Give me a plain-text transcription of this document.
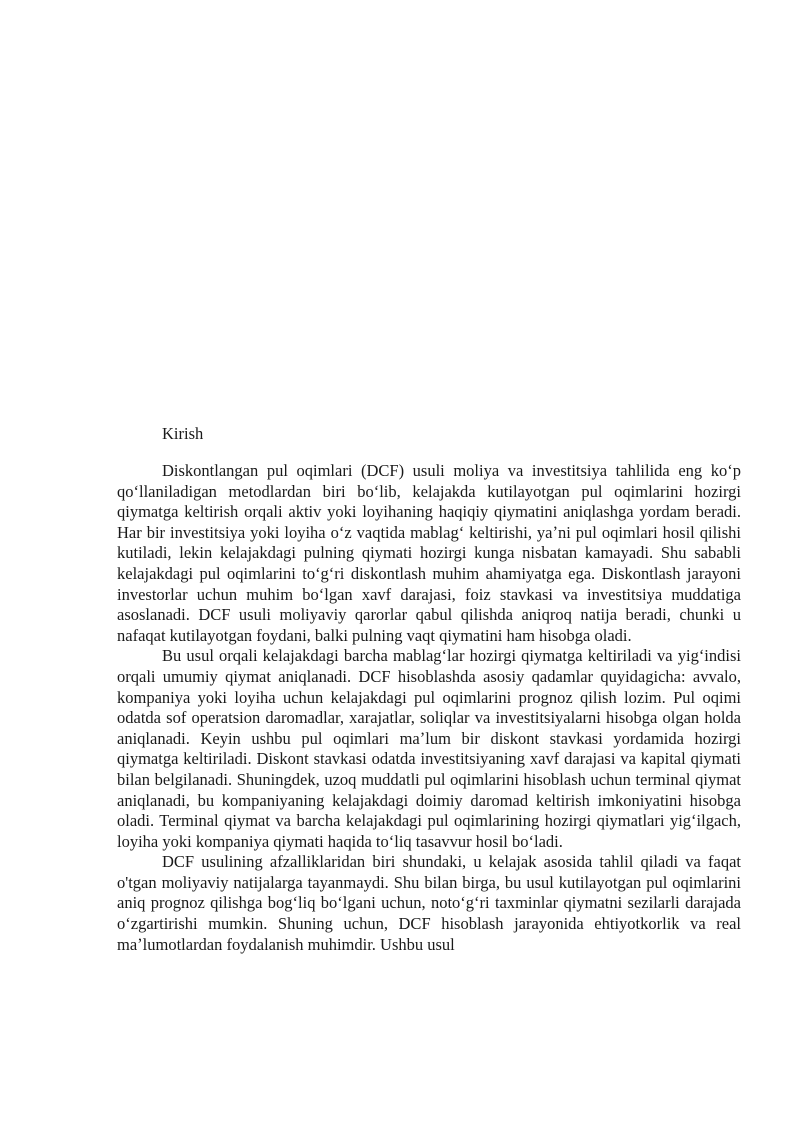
Kirish

Diskontlangan pul oqimlari (DCF) usuli moliya va investitsiya tahlilida eng koʻp qoʻllaniladigan metodlardan biri boʻlib, kelajakda kutilayotgan pul oqimlarini hozirgi qiymatga keltirish orqali aktiv yoki loyihaning haqiqiy qiymatini aniqlashga yordam beradi. Har bir investitsiya yoki loyiha oʻz vaqtida mablagʻ keltirishi, yaʼni pul oqimlari hosil qilishi kutiladi, lekin kelajakdagi pulning qiymati hozirgi kunga nisbatan kamayadi. Shu sababli kelajakdagi pul oqimlarini toʻgʻri diskontlash muhim ahamiyatga ega. Diskontlash jarayoni investorlar uchun muhim boʻlgan xavf darajasi, foiz stavkasi va investitsiya muddatiga asoslanadi. DCF usuli moliyaviy qarorlar qabul qilishda aniqroq natija beradi, chunki u nafaqat kutilayotgan foydani, balki pulning vaqt qiymatini ham hisobga oladi.

Bu usul orqali kelajakdagi barcha mablagʻlar hozirgi qiymatga keltiriladi va yigʻindisi orqali umumiy qiymat aniqlanadi. DCF hisoblashda asosiy qadamlar quyidagicha: avvalo, kompaniya yoki loyiha uchun kelajakdagi pul oqimlarini prognoz qilish lozim. Pul oqimi odatda sof operatsion daromadlar, xarajatlar, soliqlar va investitsiyalarni hisobga olgan holda aniqlanadi. Keyin ushbu pul oqimlari maʼlum bir diskont stavkasi yordamida hozirgi qiymatga keltiriladi. Diskont stavkasi odatda investitsiyaning xavf darajasi va kapital qiymati bilan belgilanadi. Shuningdek, uzoq muddatli pul oqimlarini hisoblash uchun terminal qiymat aniqlanadi, bu kompaniyaning kelajakdagi doimiy daromad keltirish imkoniyatini hisobga oladi. Terminal qiymat va barcha kelajakdagi pul oqimlarining hozirgi qiymatlari yigʻilgach, loyiha yoki kompaniya qiymati haqida toʻliq tasavvur hosil boʻladi.

DCF usulining afzalliklaridan biri shundaki, u kelajak asosida tahlil qiladi va faqat o'tgan moliyaviy natijalarga tayanmaydi. Shu bilan birga, bu usul kutilayotgan pul oqimlarini aniq prognoz qilishga bogʻliq boʻlgani uchun, notoʻgʻri taxminlar qiymatni sezilarli darajada oʻzgartirishi mumkin. Shuning uchun, DCF hisoblash jarayonida ehtiyotkorlik va real maʼlumotlardan foydalanish muhimdir. Ushbu usul
